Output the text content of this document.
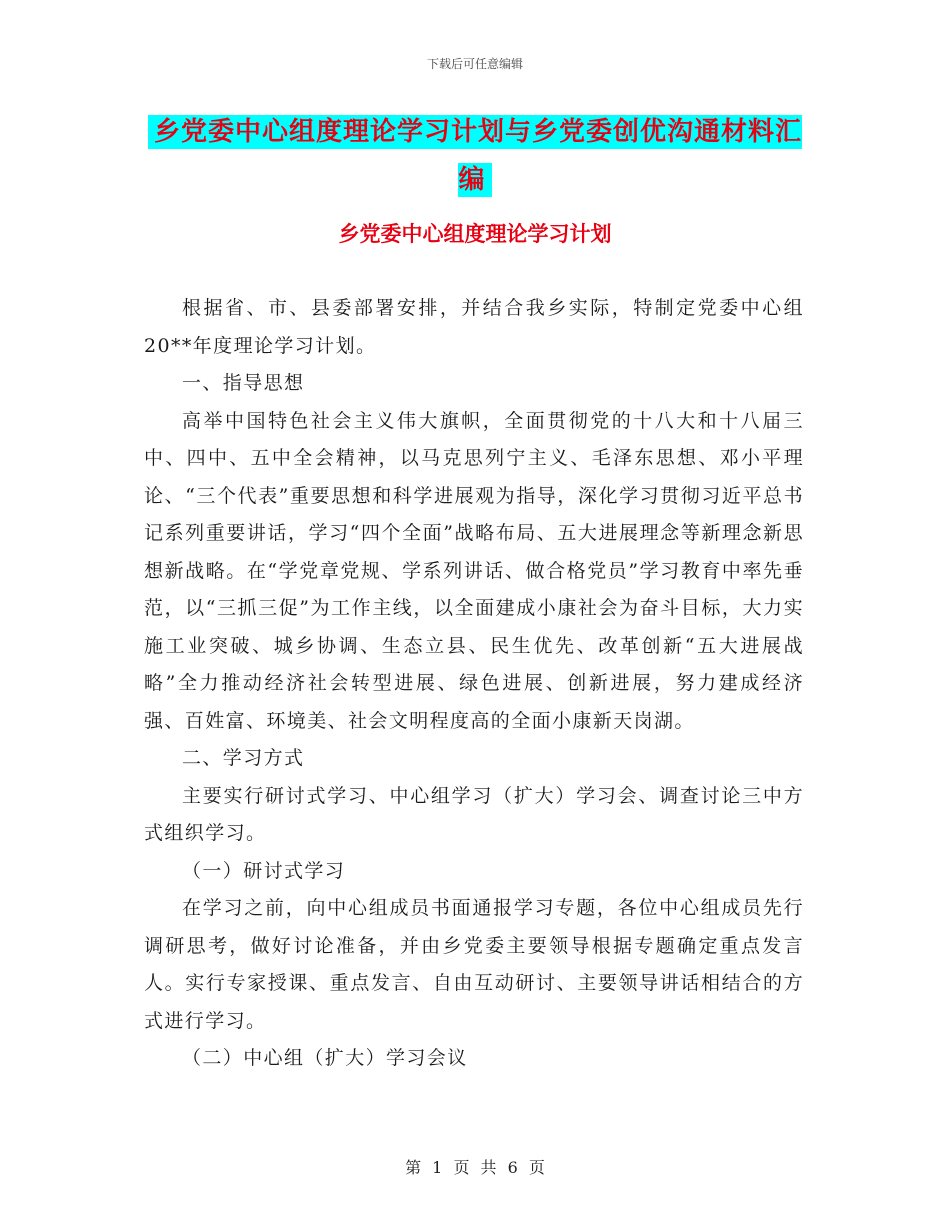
下载后可任意编辑
乡党委中心组度理论学习计划与乡党委创优沟通材料汇编
乡党委中心组度理论学习计划

根据省、市、县委部署安排，并结合我乡实际，特制定党委中心组20**年度理论学习计划。

一、指导思想

高举中国特色社会主义伟大旗帜，全面贯彻党的十八大和十八届三中、四中、五中全会精神，以马克思列宁主义、毛泽东思想、邓小平理论、“三个代表”重要思想和科学进展观为指导，深化学习贯彻习近平总书记系列重要讲话，学习“四个全面”战略布局、五大进展理念等新理念新思想新战略。在“学党章党规、学系列讲话、做合格党员”学习教育中率先垂范，以“三抓三促”为工作主线，以全面建成小康社会为奋斗目标，大力实施工业突破、城乡协调、生态立县、民生优先、改革创新“五大进展战略”全力推动经济社会转型进展、绿色进展、创新进展，努力建成经济强、百姓富、环境美、社会文明程度高的全面小康新天岗湖。

二、学习方式

主要实行研讨式学习、中心组学习（扩大）学习会、调查讨论三中方式组织学习。

（一）研讨式学习

在学习之前，向中心组成员书面通报学习专题，各位中心组成员先行调研思考，做好讨论准备，并由乡党委主要领导根据专题确定重点发言人。实行专家授课、重点发言、自由互动研讨、主要领导讲话相结合的方式进行学习。

（二）中心组（扩大）学习会议

第 1 页 共 6 页
